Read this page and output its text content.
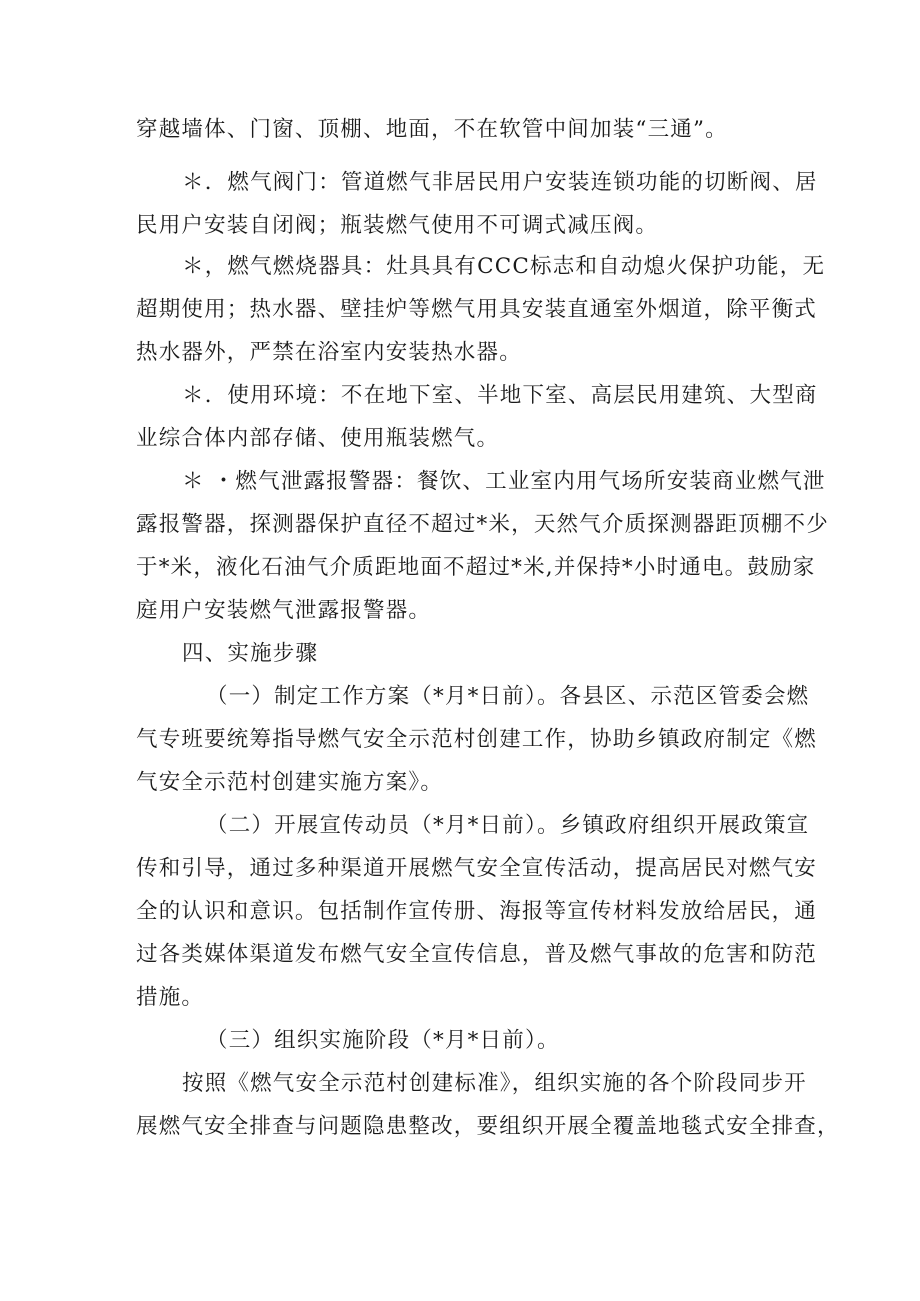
穿越墙体、门窗、顶棚、地面，不在软管中间加装“三通”。
＊．燃气阀门：管道燃气非居民用户安装连锁功能的切断阀、居
民用户安装自闭阀；瓶装燃气使用不可调式减压阀。
＊，燃气燃烧器具：灶具具有CCC标志和自动熄火保护功能，无
超期使用；热水器、壁挂炉等燃气用具安装直通室外烟道，除平衡式
热水器外，严禁在浴室内安装热水器。
＊．使用环境：不在地下室、半地下室、高层民用建筑、大型商
业综合体内部存储、使用瓶装燃气。
＊ ・燃气泄露报警器：餐饮、工业室内用气场所安装商业燃气泄
露报警器，探测器保护直径不超过*米，天然气介质探测器距顶棚不少
于*米，液化石油气介质距地面不超过*米,并保持*小时通电。鼓励家
庭用户安装燃气泄露报警器。
四、实施步骤
（一）制定工作方案（*月*日前）。各县区、示范区管委会燃
气专班要统筹指导燃气安全示范村创建工作，协助乡镇政府制定《燃
气安全示范村创建实施方案》。
（二）开展宣传动员（*月*日前）。乡镇政府组织开展政策宣
传和引导，通过多种渠道开展燃气安全宣传活动，提高居民对燃气安
全的认识和意识。包括制作宣传册、海报等宣传材料发放给居民，通
过各类媒体渠道发布燃气安全宣传信息，普及燃气事故的危害和防范
措施。
（三）组织实施阶段（*月*日前）。
按照《燃气安全示范村创建标准》，组织实施的各个阶段同步开
展燃气安全排查与问题隐患整改，要组织开展全覆盖地毯式安全排查，
